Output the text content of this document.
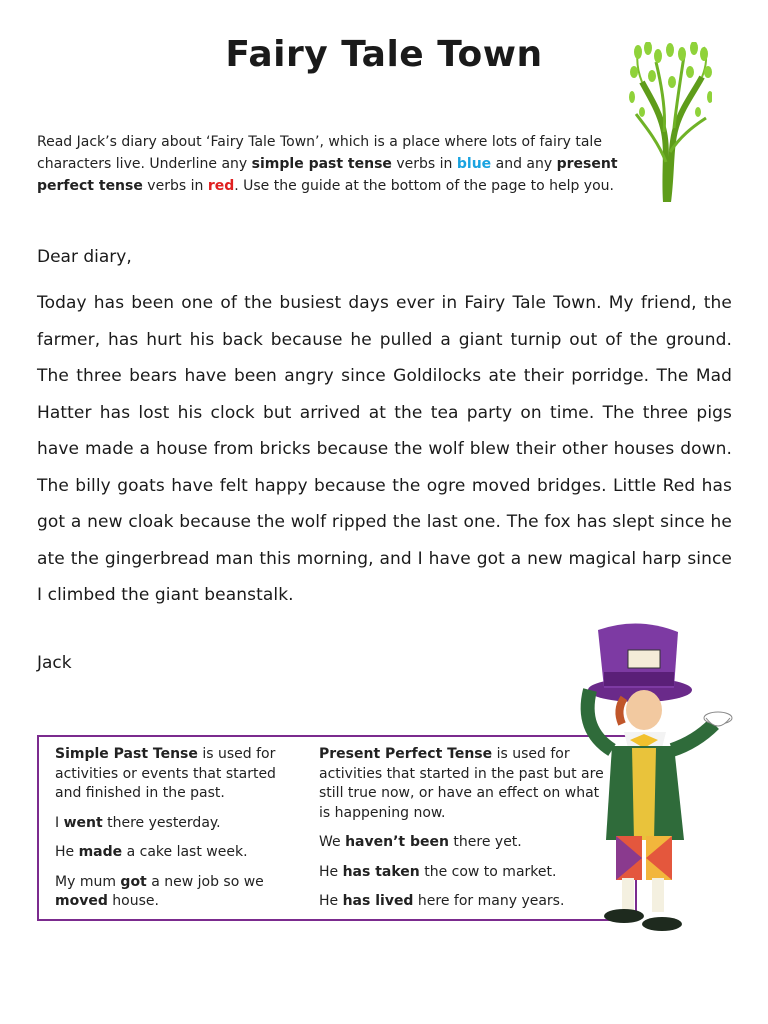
Fairy Tale Town
Read Jack’s diary about ‘Fairy Tale Town’, which is a place where lots of fairy tale characters live. Underline any simple past tense verbs in blue and any present perfect tense verbs in red. Use the guide at the bottom of the page to help you.
Dear diary,
Today has been one of the busiest days ever in Fairy Tale Town. My friend, the farmer, has hurt his back because he pulled a giant turnip out of the ground. The three bears have been angry since Goldilocks ate their porridge. The Mad Hatter has lost his clock but arrived at the tea party on time. The three pigs have made a house from bricks because the wolf blew their other houses down. The billy goats have felt happy because the ogre moved bridges. Little Red has got a new cloak because the wolf ripped the last one. The fox has slept since he ate the gingerbread man this morning, and I have got a new magical harp since I climbed the giant beanstalk.
Jack

Simple Past Tense is used for activities or events that started and finished in the past.

I went there yesterday.

He made a cake last week.

My mum got a new job so we moved house.

Present Perfect Tense is used for activities that started in the past but are still true now, or have an effect on what is happening now.

We haven’t been there yet.

He has taken the cow to market.

He has lived here for many years.
